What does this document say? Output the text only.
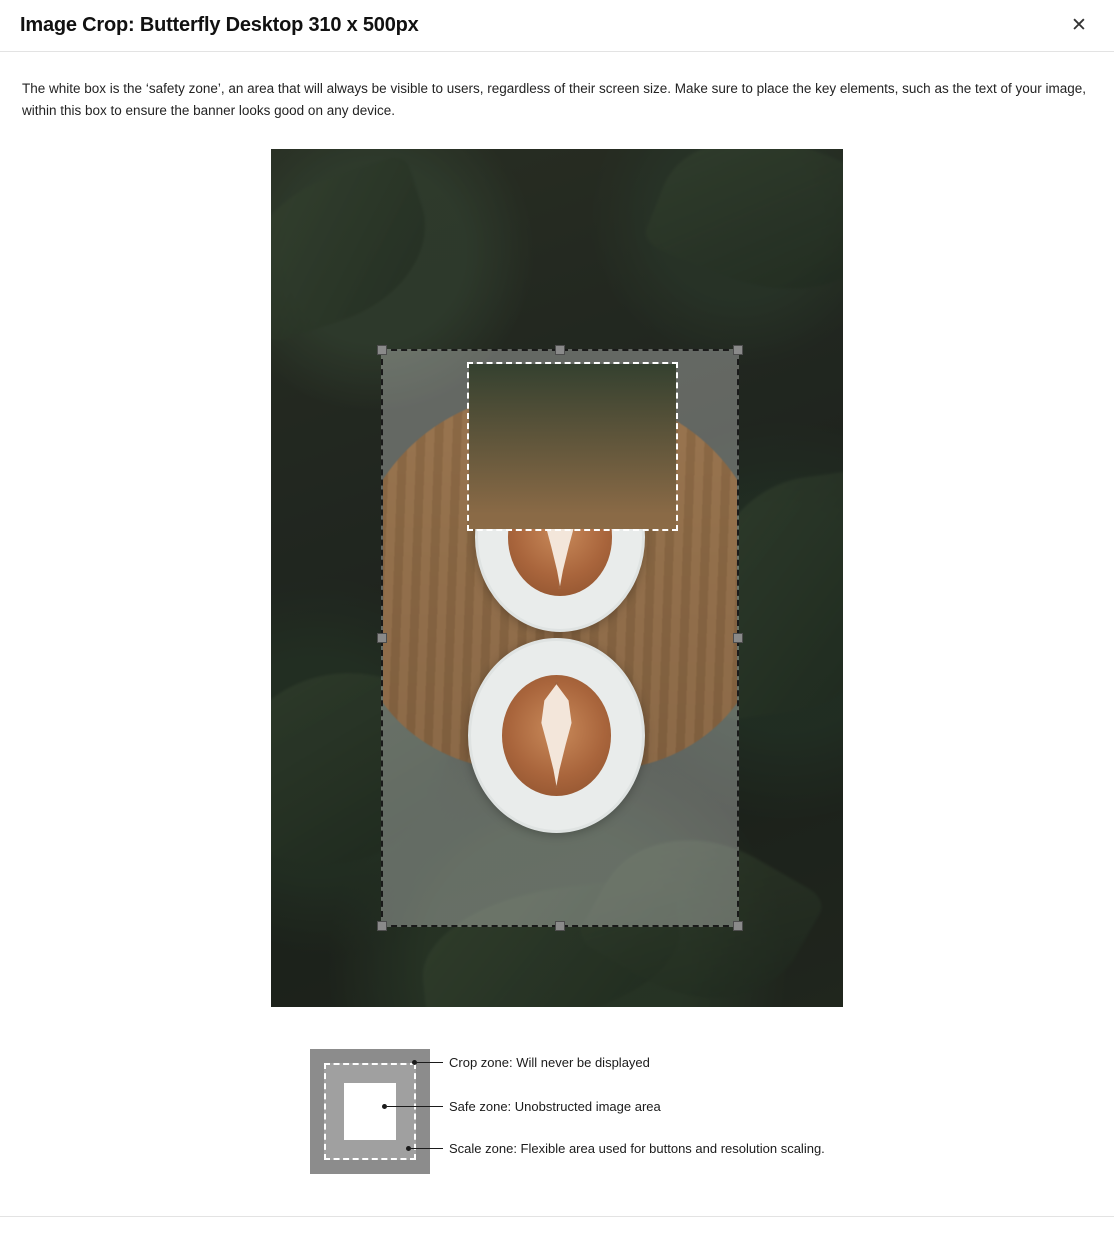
Image Crop: Butterfly Desktop 310 x 500px	✕

The white box is the ‘safety zone’, an area that will always be visible to users, regardless of their screen size. Make sure to place the key elements, such as the text of your image, within this box to ensure the banner looks good on any device.

Crop zone: Will never be displayed
Safe zone: Unobstructed image area
Scale zone: Flexible area used for buttons and resolution scaling.
